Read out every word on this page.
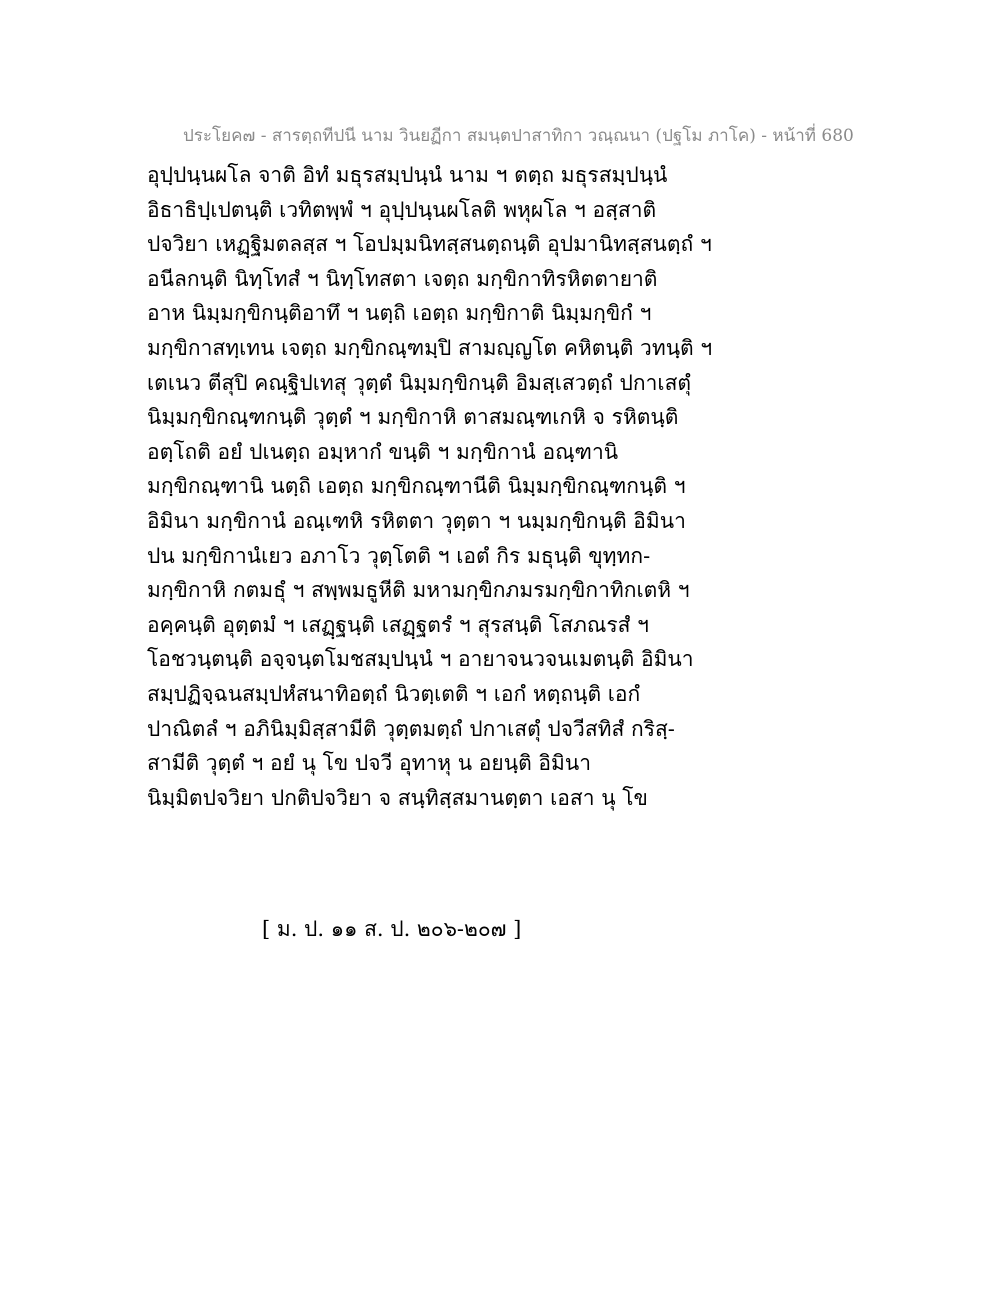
ประโยค๗ - สารตฺถทีปนี นาม วินยฏีกา สมนฺตปาสาทิกา วณฺณนา (ปฐโม ภาโค) - หน้าที่ 680
อุปฺปนฺนผโล จาติ อิทํ มธุรสมฺปนฺนํ นาม ฯ ตตฺถ มธุรสมฺปนฺนํ
อิธาธิปฺเปตนฺติ เวทิตพฺพํ ฯ อุปฺปนฺนผโลติ พหุผโล ฯ อสฺสาติ
ปจวิยา เหฏฺฐิมตลสฺส ฯ โอปมฺมนิทสฺสนตฺถนฺติ อุปมานิทสฺสนตฺถํ ฯ
อนีลกนฺติ นิทฺโทสํ ฯ นิทฺโทสตา เจตฺถ มกฺขิกาทิรหิตตายาติ
อาห นิมฺมกฺขิกนฺติอาทึ ฯ นตฺถิ เอตฺถ มกฺขิกาติ นิมฺมกฺขิกํ ฯ
มกฺขิกาสทฺเทน เจตฺถ มกฺขิกณฺฑมฺปิ สามญฺญโต คหิตนฺติ วทนฺติ ฯ
เตเนว ตีสุปิ คณฺฐิปเทสุ วุตฺตํ นิมฺมกฺขิกนฺติ อิมสฺเสวตฺถํ ปกาเสตุํ
นิมฺมกฺขิกณฺฑกนฺติ วุตฺตํ ฯ มกฺขิกาหิ ตาสมณฺฑเกหิ จ รหิตนฺติ
อตฺโถติ อยํ ปเนตฺถ อมฺหากํ ขนฺติ ฯ มกฺขิกานํ อณฺฑานิ
มกฺขิกณฺฑานิ นตฺถิ เอตฺถ มกฺขิกณฺฑานีติ นิมฺมกฺขิกณฺฑกนฺติ ฯ
อิมินา มกฺขิกานํ อณฺเฑหิ รหิตตา วุตฺตา ฯ นมฺมกฺขิกนฺติ อิมินา
ปน มกฺขิกานํเยว อภาโว วุตฺโตติ ฯ เอตํ กิร มธุนฺติ ขุทฺทก-
มกฺขิกาหิ กตมธุํ ฯ สพฺพมธูหีติ มหามกฺขิกภมรมกฺขิกาทิกเตหิ ฯ
อคฺคนฺติ อุตฺตมํ ฯ เสฏฺฐนฺติ เสฏฺฐตรํ ฯ สุรสนฺติ โสภณรสํ ฯ
โอชวนฺตนฺติ อจฺจนฺตโมชสมฺปนฺนํ ฯ อายาจนวจนเมตนฺติ อิมินา
สมฺปฏิจฺฉนสมฺปหํสนาทิอตฺถํ นิวตฺเตติ ฯ เอกํ หตฺถนฺติ เอกํ
ปาณิตลํ ฯ อภินิมฺมิสฺสามีติ วุตฺตมตฺถํ ปกาเสตุํ ปจวีสทิสํ กริสฺ-
สามีติ วุตฺตํ ฯ อยํ นุ โข ปจวี อุทาหุ น อยนฺติ อิมินา
นิมฺมิตปจวิยา ปกติปจวิยา จ สนฺทิสฺสมานตฺตา เอสา นุ โข
[ ม. ป. ๑๑ ส. ป. ๒๐๖-๒๐๗ ]
